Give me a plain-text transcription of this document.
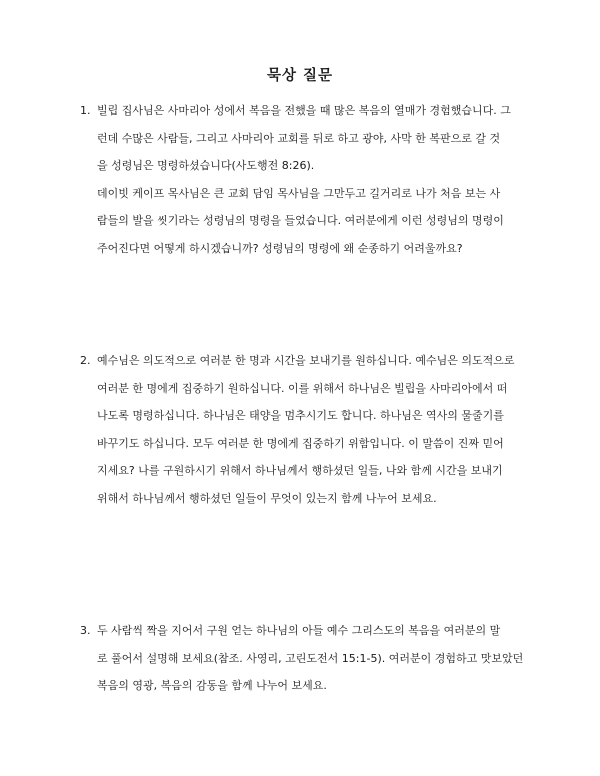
묵상 질문
1. 빌립 집사님은 사마리아 성에서 복음을 전했을 때 많은 복음의 열매가 경험했습니다. 그
런데 수많은 사람들, 그리고 사마리아 교회를 뒤로 하고 광야, 사막 한 복판으로 갈 것
을 성령님은 명령하셨습니다(사도행전 8:26).
데이빗 케이프 목사님은 큰 교회 담임 목사님을 그만두고 길거리로 나가 처음 보는 사
람들의 발을 씻기라는 성령님의 명령을 들었습니다. 여러분에게 이런 성령님의 명령이
주어진다면 어떻게 하시겠습니까? 성령님의 명령에 왜 순종하기 어려울까요?
2. 예수님은 의도적으로 여러분 한 명과 시간을 보내기를 원하십니다. 예수님은 의도적으로
여러분 한 명에게 집중하기 원하십니다. 이를 위해서 하나님은 빌립을 사마리아에서 떠
나도록 명령하십니다. 하나님은 태양을 멈추시기도 합니다. 하나님은 역사의 물줄기를
바꾸기도 하십니다. 모두 여러분 한 명에게 집중하기 위함입니다. 이 말씀이 진짜 믿어
지세요? 나를 구원하시기 위해서 하나님께서 행하셨던 일들, 나와 함께 시간을 보내기
위해서 하나님께서 행하셨던 일들이 무엇이 있는지 함께 나누어 보세요.
3. 두 사람씩 짝을 지어서 구원 얻는 하나님의 아들 예수 그리스도의 복음을 여러분의 말
로 풀어서 설명해 보세요(참조. 사영리, 고린도전서 15:1-5). 여러분이 경험하고 맛보았던
복음의 영광, 복음의 감동을 함께 나누어 보세요.
